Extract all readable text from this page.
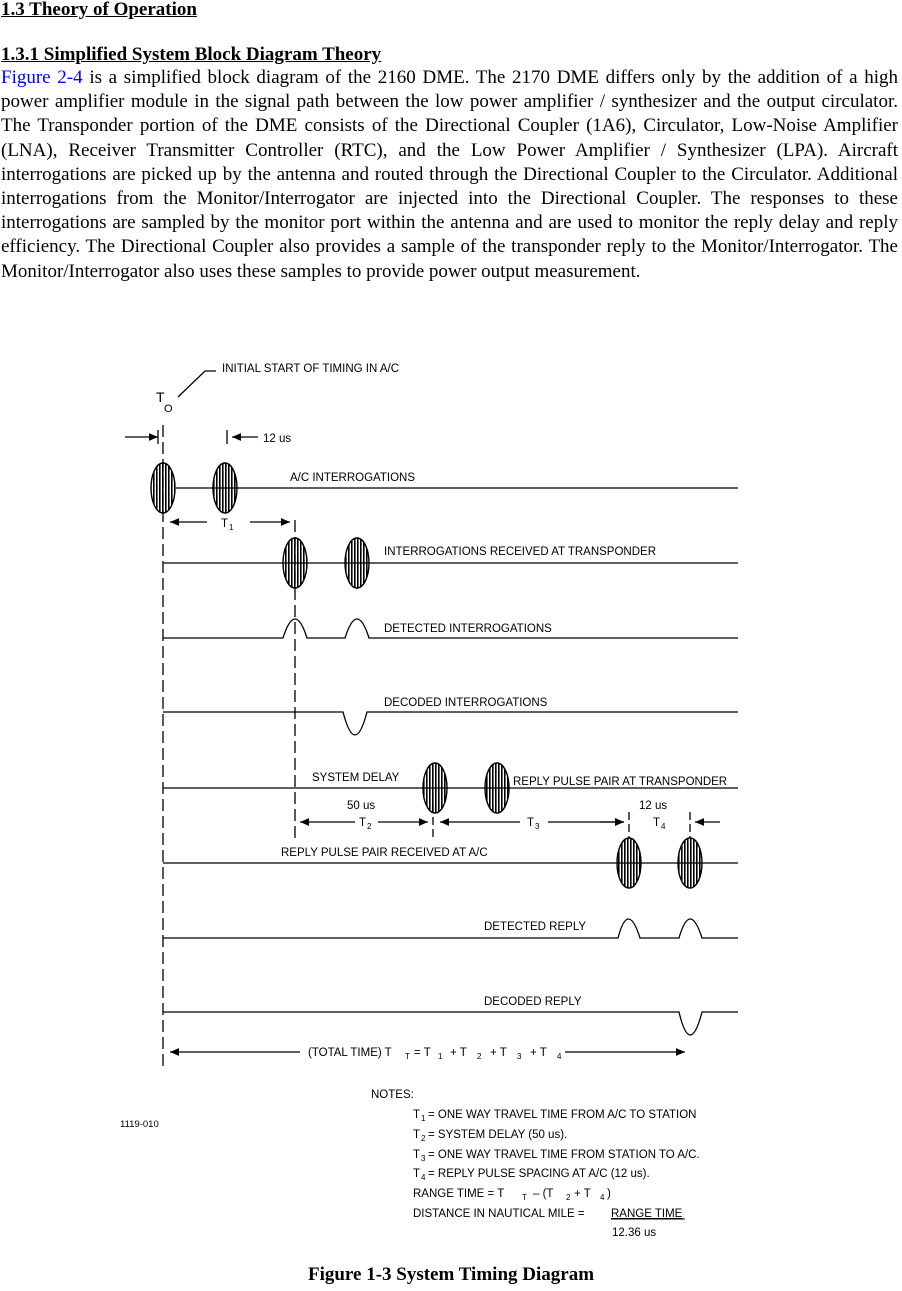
1.3 Theory of Operation
1.3.1 Simplified System Block Diagram Theory
Figure 2-4 is a simplified block diagram of the 2160 DME. The 2170 DME differs only by the addition of a high power amplifier module in the signal path between the low power amplifier / synthesizer and the output circulator. The Transponder portion of the DME consists of the Directional Coupler (1A6), Circulator, Low-Noise Amplifier (LNA), Receiver Transmitter Controller (RTC), and the Low Power Amplifier / Synthesizer (LPA). Aircraft interrogations are picked up by the antenna and routed through the Directional Coupler to the Circulator. Additional interrogations from the Monitor/Interrogator are injected into the Directional Coupler. The responses to these interrogations are sampled by the monitor port within the antenna and are used to monitor the reply delay and reply efficiency. The Directional Coupler also provides a sample of the transponder reply to the Monitor/Interrogator. The Monitor/Interrogator also uses these samples to provide power output measurement.
INITIAL START OF TIMING IN A/C
T
O
12 us
A/C INTERROGATIONS
T 1
INTERROGATIONS RECEIVED AT TRANSPONDER
DETECTED INTERROGATIONS
DECODED INTERROGATIONS
SYSTEM DELAY	REPLY PULSE PAIR AT TRANSPONDER
50 us
T 2	T 3
12 us
T 4
REPLY PULSE PAIR RECEIVED AT A/C
DETECTED REPLY
DECODED REPLY
(TOTAL TIME) T T = T 1 + T 2 + T 3 + T 4
1119-010
NOTES:
T 1 = ONE WAY TRAVEL TIME FROM A/C TO STATION
T 2 = SYSTEM DELAY (50 us).
T 3 = ONE WAY TRAVEL TIME FROM STATION TO A/C.
T 4 = REPLY PULSE SPACING AT A/C (12 us).
RANGE TIME = T T – (T 2 + T 4 )
DISTANCE IN NAUTICAL MILE = RANGE TIME
12.36 us
Figure 1-3 System Timing Diagram
